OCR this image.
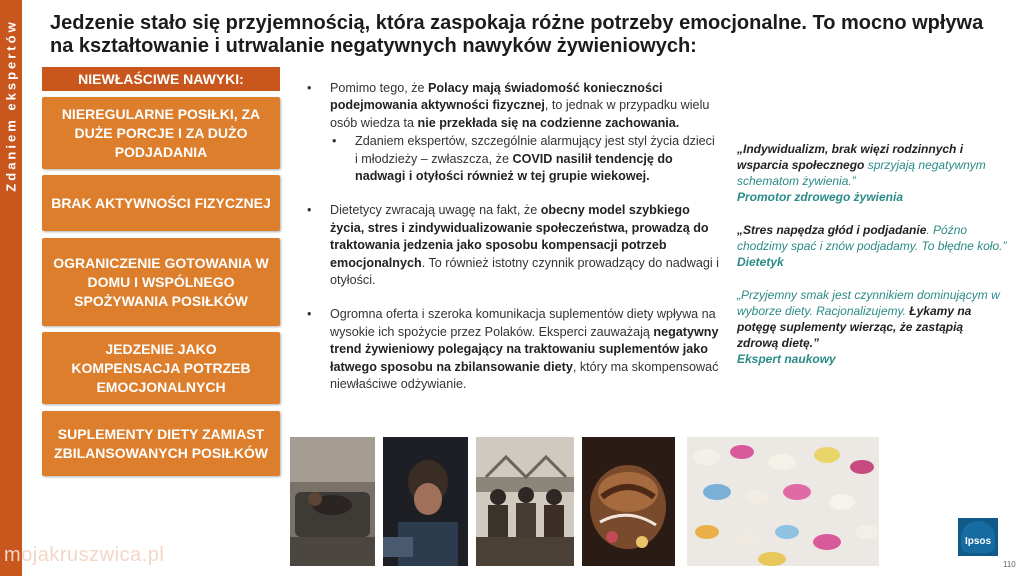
Zdaniem ekspertów Jedzenie stało się przyjemnością, która zaspokaja różne potrzeby emocjonalne. To mocno wpływa na kształtowanie i utrwalanie negatywnych nawyków żywieniowych:
NIEWŁAŚCIWE NAWYKI:
NIEREGULARNE POSIŁKI, ZA DUŻE PORCJE I ZA DUŻO PODJADANIA
BRAK AKTYWNOŚCI FIZYCZNEJ
OGRANICZENIE GOTOWANIA W DOMU I WSPÓLNEGO SPOŻYWANIA POSIŁKÓW
JEDZENIE JAKO KOMPENSACJA POTRZEB EMOCJONALNYCH
SUPLEMENTY DIETY ZAMIAST ZBILANSOWANYCH POSIŁKÓW
• Pomimo tego, że Polacy mają świadomość konieczności podejmowania aktywności fizycznej, to jednak w przypadku wielu osób wiedza ta nie przekłada się na codzienne zachowania.
• Zdaniem ekspertów, szczególnie alarmujący jest styl życia dzieci i młodzieży – zwłaszcza, że COVID nasilił tendencję do nadwagi i otyłości również w tej grupie wiekowej.
• Dietetycy zwracają uwagę na fakt, że obecny model szybkiego życia, stres i zindywidualizowanie społeczeństwa, prowadzą do traktowania jedzenia jako sposobu kompensacji potrzeb emocjonalnych. To również istotny czynnik prowadzący do nadwagi i otyłości.
• Ogromna oferta i szeroka komunikacja suplementów diety wpływa na wysokie ich spożycie przez Polaków. Eksperci zauważają negatywny trend żywieniowy polegający na traktowaniu suplementów jako łatwego sposobu na zbilansowanie diety, który ma skompensować niewłaściwe odżywianie.
„Indywidualizm, brak więzi rodzinnych i wsparcia społecznego sprzyjają negatywnym schematom żywienia.”
Promotor zdrowego żywienia
„Stres napędza głód i podjadanie. Późno chodzimy spać i znów podjadamy. To błędne koło.”
Dietetyk
„Przyjemny smak jest czynnikiem dominującym w wyborze diety. Racjonalizujemy. Łykamy na potęgę suplementy wierząc, że zastąpią zdrową dietę.”
Ekspert naukowy
mojakruszwica.pl	110
Ipsos
